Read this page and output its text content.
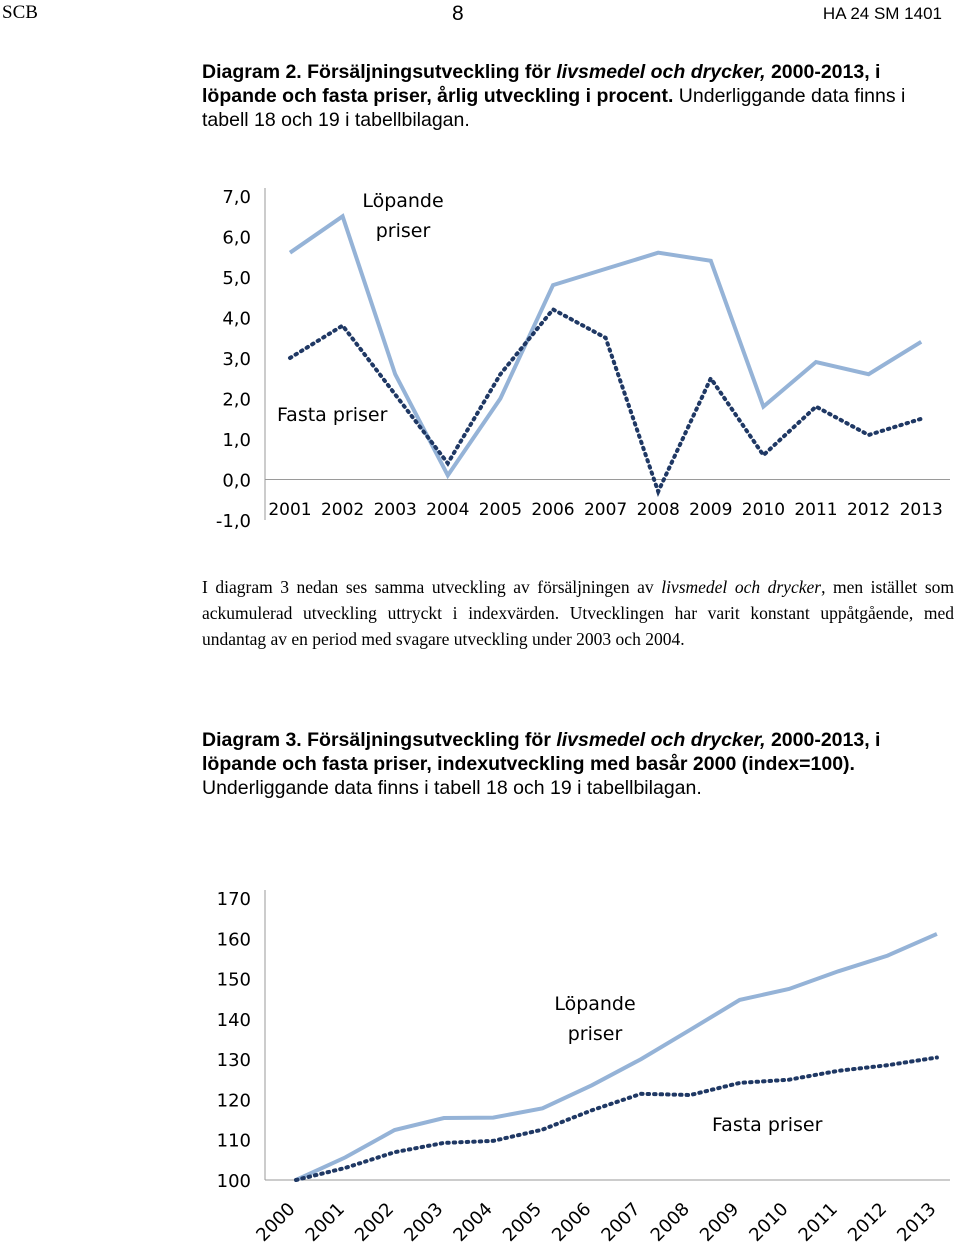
SCB	8	HA 24 SM 1401
Diagram 2. Försäljningsutveckling för livsmedel och drycker, 2000-2013, i löpande och fasta priser, årlig utveckling i procent. Underliggande data finns i tabell 18 och 19 i tabellbilagan.
7,0
6,0
5,0
4,0
3,0
2,0
1,0
0,0
-1,0
2001 2002 2003 2004 2005 2006 2007 2008 2009 2010 2011 2012 2013
Löpande
priser
Fasta priser
I diagram 3 nedan ses samma utveckling av försäljningen av livsmedel och drycker, men istället som ackumulerad utveckling uttryckt i indexvärden. Utvecklingen har varit konstant uppåtgående, med undantag av en period med svagare utveckling under 2003 och 2004.
Diagram 3. Försäljningsutveckling för livsmedel och drycker, 2000-2013, i löpande och fasta priser, indexutveckling med basår 2000 (index=100). Underliggande data finns i tabell 18 och 19 i tabellbilagan.
170
160
150
140
130
120
110
100
2000 2001 2002 2003 2004 2005 2006 2007 2008 2009 2010 2011 2012 2013
Löpande
priser
Fasta priser
